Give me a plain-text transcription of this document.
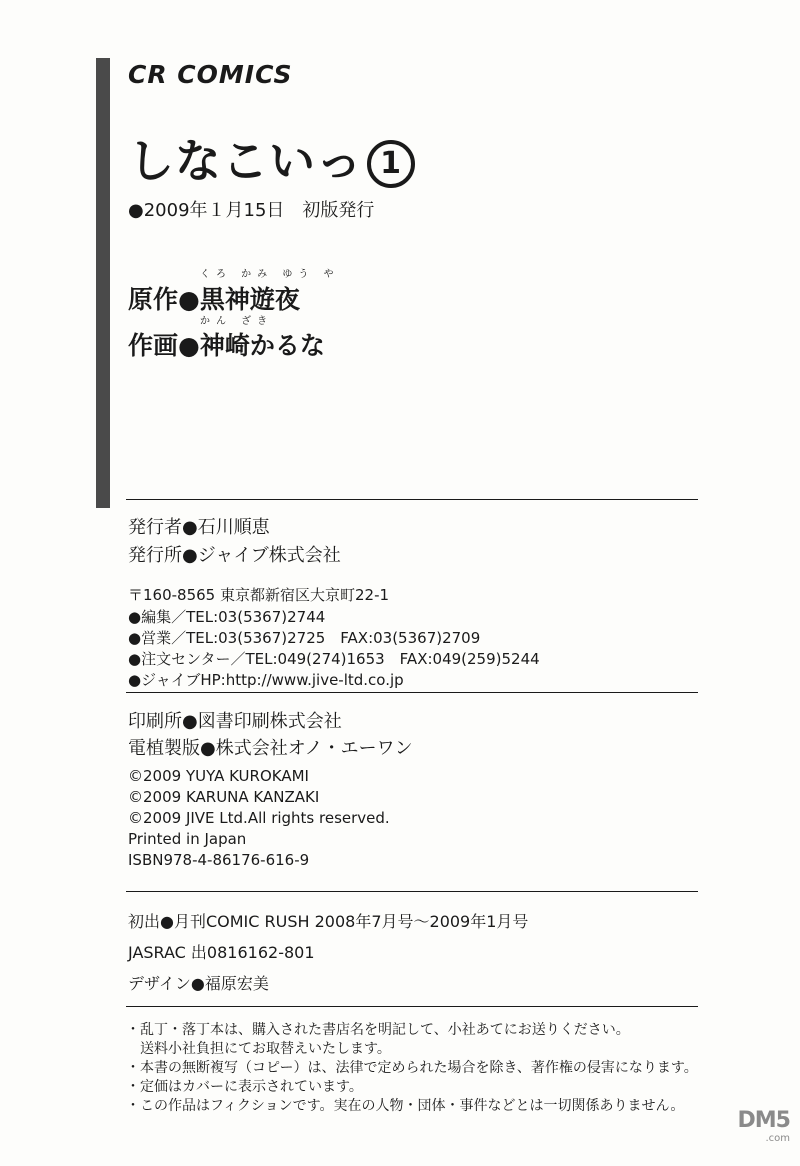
CR COMICS
しなこいっ 1
●2009年１月15日　初版発行
くろ かみ ゆう や
原作●黒神遊夜
かん ざき
作画●神崎かるな
発行者●石川順恵
発行所●ジャイブ株式会社
〒160-8565 東京都新宿区大京町22-1
●編集／TEL:03(5367)2744
●営業／TEL:03(5367)2725　FAX:03(5367)2709
●注文センター／TEL:049(274)1653　FAX:049(259)5244
●ジャイブHP:http://www.jive-ltd.co.jp
印刷所●図書印刷株式会社
電植製版●株式会社オノ・エーワン
©2009 YUYA KUROKAMI
©2009 KARUNA KANZAKI
©2009 JIVE Ltd.All rights reserved.
Printed in Japan
ISBN978-4-86176-616-9
初出●月刊COMIC RUSH 2008年7月号～2009年1月号
JASRAC 出0816162-801
デザイン●福原宏美
・乱丁・落丁本は、購入された書店名を明記して、小社あてにお送りください。
　送料小社負担にてお取替えいたします。
・本書の無断複写（コピー）は、法律で定められた場合を除き、著作権の侵害になります。
・定価はカバーに表示されています。
・この作品はフィクションです。実在の人物・団体・事件などとは一切関係ありません。
DM5
.com
